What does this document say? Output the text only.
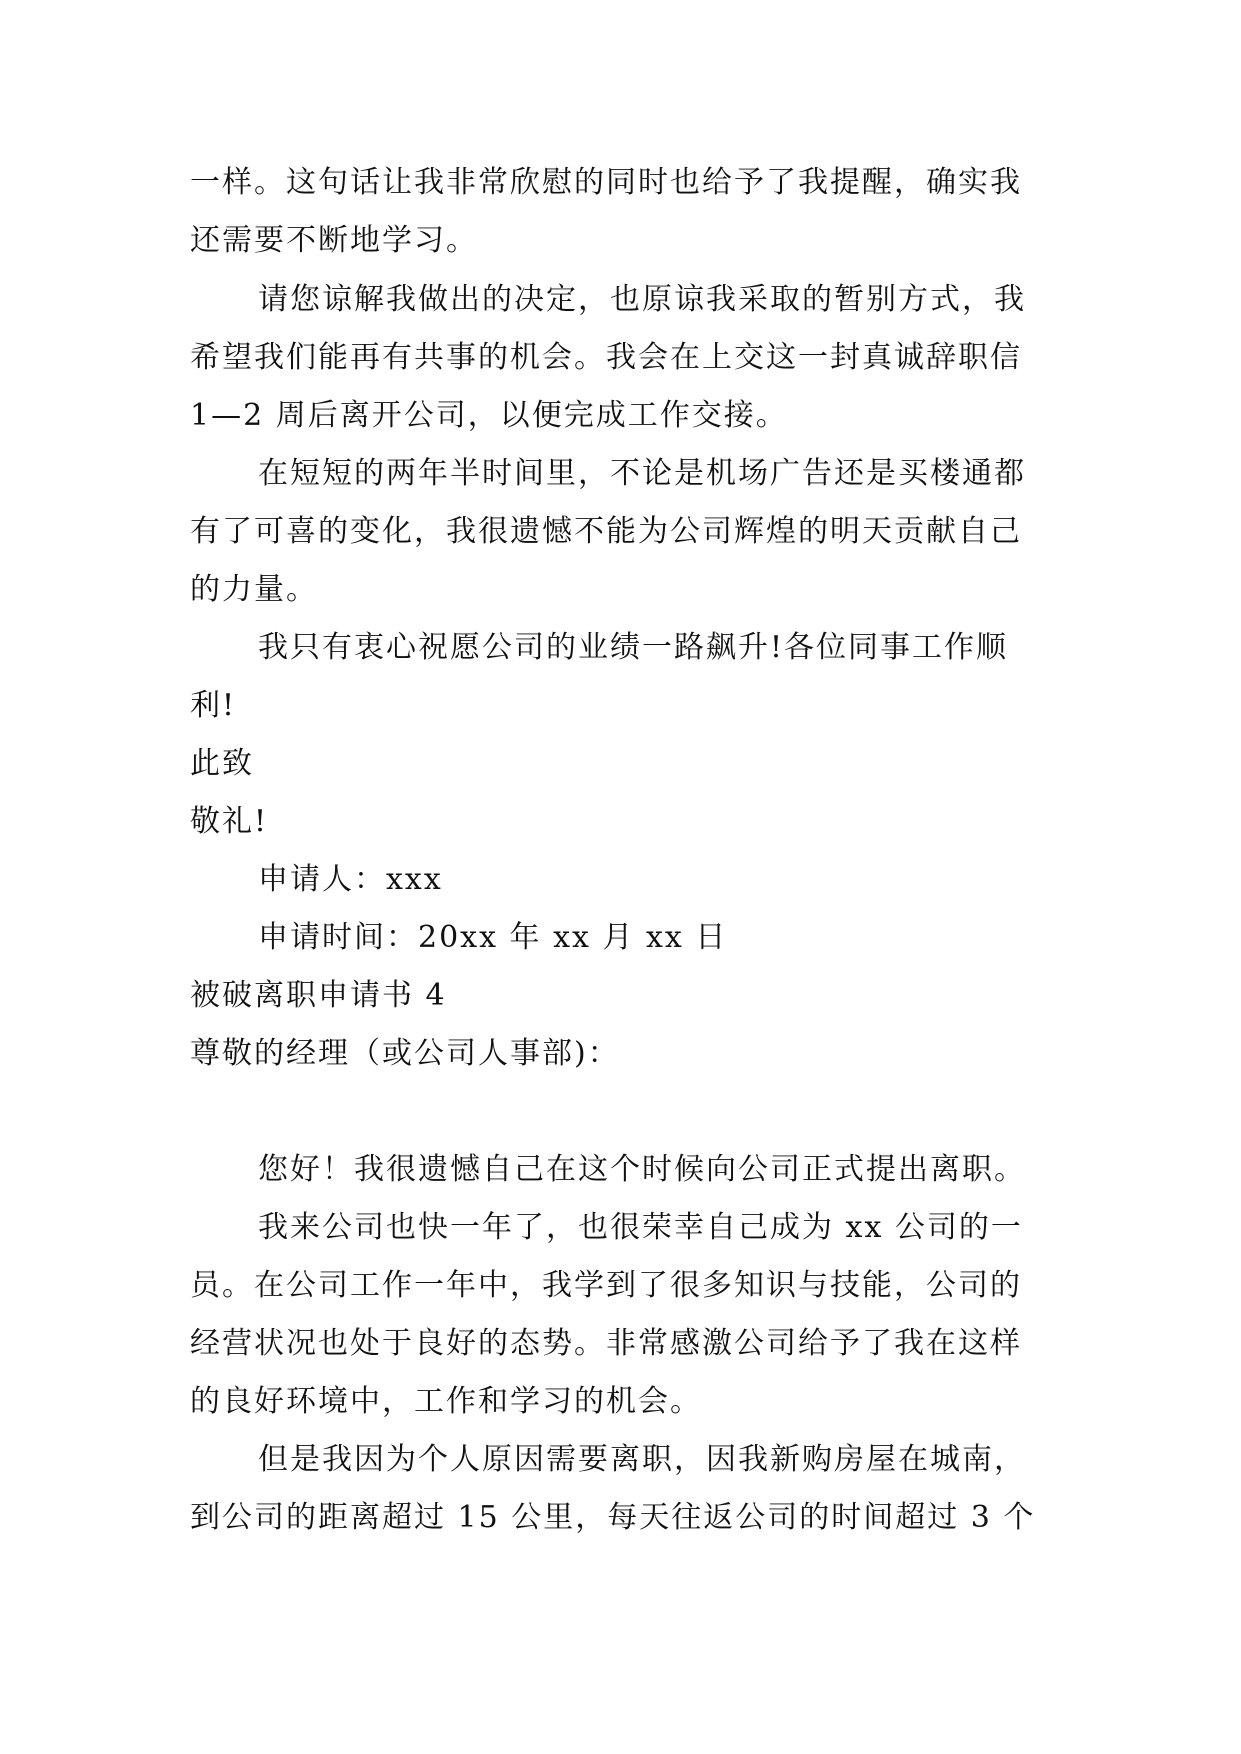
一样。这句话让我非常欣慰的同时也给予了我提醒，确实我
还需要不断地学习。
请您谅解我做出的决定，也原谅我采取的暂别方式，我
希望我们能再有共事的机会。我会在上交这一封真诚辞职信
1—2 周后离开公司，以便完成工作交接。
在短短的两年半时间里，不论是机场广告还是买楼通都
有了可喜的变化，我很遗憾不能为公司辉煌的明天贡献自己
的力量。
我只有衷心祝愿公司的业绩一路飙升!各位同事工作顺
利!
此致
敬礼!
申请人：xxx
申请时间：20xx 年 xx 月 xx 日
被破离职申请书 4
尊敬的经理（或公司人事部)：
您好！我很遗憾自己在这个时候向公司正式提出离职。
我来公司也快一年了，也很荣幸自己成为 xx 公司的一
员。在公司工作一年中，我学到了很多知识与技能，公司的
经营状况也处于良好的态势。非常感激公司给予了我在这样
的良好环境中，工作和学习的机会。
但是我因为个人原因需要离职，因我新购房屋在城南，
到公司的距离超过 15 公里，每天往返公司的时间超过 3 个
